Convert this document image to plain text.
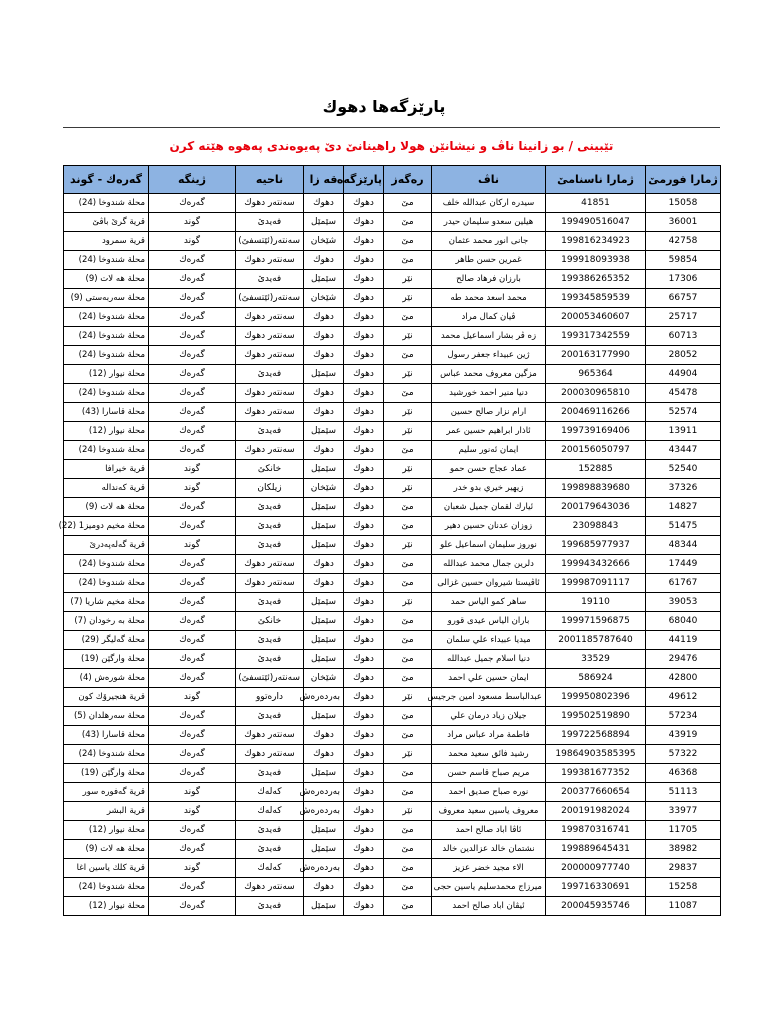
پارێزگەها دهوك
تێبینی / بو زانینا ناڤ و نیشانێن هولا راهینانێ دێ پەیوەندی پەهوە هێتە کرن
ژمارا فورمێ	ژمارا ناسنامێ	ناڤ	رەگەز	پارێزگەه	قه زا	ناحیه	ژینگە	گەرەك - گوند
15058	41851	سیدره ارکان عبدالله خلف	مێ	دهوك	دهوك	سەنتەر دهوك	گەرەك	محلة شندوخا (24)
36001	199490516047	هیلین سعدو سلیمان حیدر	مێ	دهوك	سێمێل	فەیدێ	گوند	قرية گرێ باڤێ
42758	199816234923	جانی انور محمد عثمان	مێ	دهوك	شێخان	سەنتەر(ئێتسفێ)	گوند	قرية سمرود
59854	199918093938	غمرین حسن طاهر	مێ	دهوك	دهوك	سەنتەر دهوك	گەرەك	محلة شندوخا (24)
17306	199386265352	بارزان فرهاد صالح	نێر	دهوك	سێمێل	فەیدێ	گەرەك	محلة هه لات (9)
66757	199345859539	محمد اسعد محمد طه	نێر	دهوك	شێخان	سەنتەر(ئێتسفێ)	گەرەك	محلة سەربەستی (9)
25717	200053460607	ڤیان کمال مراد	مێ	دهوك	دهوك	سەنتەر دهوك	گەرەك	محلة شندوخا (24)
60713	199317342559	زه ڤر بشار اسماعیل محمد	نێر	دهوك	دهوك	سەنتەر دهوك	گەرەك	محلة شندوخا (24)
28052	200163177990	ژین عبیداء جعفر رسول	مێ	دهوك	دهوك	سەنتەر دهوك	گەرەك	محلة شندوخا (24)
44904	965364	مزگین معروف محمد عباس	نێر	دهوك	سێمێل	فەیدێ	گەرەك	محلة نیوار (12)
45478	200030965810	دنیا منیر احمد خورشید	مێ	دهوك	دهوك	سەنتەر دهوك	گەرەك	محلة شندوخا (24)
52574	200469116266	ارام نزار صالح حسین	نێر	دهوك	دهوك	سەنتەر دهوك	گەرەك	محلة قاسارا (43)
13911	199739169406	ئاذار ابراهیم حسین عمر	نێر	دهوك	سێمێل	فەیدێ	گەرەك	محلة نیوار (12)
43447	200156050797	ایمان ئەنور سلیم	مێ	دهوك	دهوك	سەنتەر دهوك	گەرەك	محلة شندوخا (24)
52540	152885	عماد عجاج حسن حمو	نێر	دهوك	سێمێل	خانكێ	گوند	قرية خیرافا
37326	199898839680	زیهیر خیري بدو خدر	نێر	دهوك	شێخان	زیلكان	گوند	قرية كەندالە
14827	200179643036	ئیارك لقمان جمیل شعبان	مێ	دهوك	سێمێل	فەیدێ	گەرەك	محلة هه لات (9)
51475	23098843	زوزان عدنان حسین دهیر	مێ	دهوك	سێمێل	فەیدێ	گەرەك	محلة مخیم دومیز1 (22)
48344	199685977937	نوروز سلیمان اسماعیل علو	نێر	دهوك	سێمێل	فەیدێ	گوند	قرية گەلەپەدرێ
17449	199943432666	دلرین جمال محمد عبدالله	مێ	دهوك	دهوك	سەنتەر دهوك	گەرەك	محلة شندوخا (24)
61767	199987091117	ئاڤیستا شیروان حسین غزالی	مێ	دهوك	دهوك	سەنتەر دهوك	گەرەك	محلة شندوخا (24)
39053	19110	ساهر کمو الیاس حمد	نێر	دهوك	سێمێل	فەیدێ	گەرەك	محلة مخیم شاریا (7)
68040	199971596875	باران الیاس عیدی قورو	مێ	دهوك	سێمێل	خانكێ	گەرەك	محلة بە رخودان (7)
44119	2001185787640	میدیا عبیداء علي سلمان	مێ	دهوك	سێمێل	فەیدێ	گەرەك	محلة گەلیگر (29)
29476	33529	دنیا اسلام جمیل عبدالله	مێ	دهوك	سێمێل	فەیدێ	گەرەك	محلة وارگێن (19)
42800	586924	ایمان حسین علي احمد	مێ	دهوك	شێخان	سەنتەر(ئێتسفێ)	گەرەك	محلة شورەش (4)
49612	199950802396	عبدالباسط مسعود امین جرجیس	نێر	دهوك	بەردەرەش	دارەتوو	گوند	قرية هنجیرۆك كون
57234	199502519890	جیلان زیاد درمان علي	مێ	دهوك	سێمێل	فەیدێ	گەرەك	محلة سەرهلدان (5)
43919	199722568894	فاطمة مراد عباس مراد	مێ	دهوك	دهوك	سەنتەر دهوك	گەرەك	محلة قاسارا (43)
57322	19864903585395	رشید فائق سعید محمد	نێر	دهوك	دهوك	سەنتەر دهوك	گەرەك	محلة شندوخا (24)
46368	199381677352	مریم صباح قاسم حسن	مێ	دهوك	سێمێل	فەیدێ	گەرەك	محلة وارگێن (19)
51113	200377660654	نورە صباح صدیق احمد	مێ	دهوك	بەردەرەش	كەلەك	گوند	قرية گەفورە سور
33977	200191982024	معروف یاسین سعید معروف	نێر	دهوك	بەردەرەش	كەلەك	گوند	قرية البشر
11705	199870316741	ئاڤا اباد صالح احمد	مێ	دهوك	سێمێل	فەیدێ	گەرەك	محلة نیوار (12)
38982	199889645431	نشتمان خالد عزالدین خالد	مێ	دهوك	سێمێل	فەیدێ	گەرەك	محلة هه لات (9)
29837	200000977740	الاء مجید خضر عزیز	مێ	دهوك	بەردەرەش	كەلەك	گوند	قرية كلك یاسین اغا
15258	199716330691	میرزاج محمدسلیم یاسین حجی	مێ	دهوك	دهوك	سەنتەر دهوك	گەرەك	محلة شندوخا (24)
11087	200045935746	ئیڤان اباد صالح احمد	مێ	دهوك	سێمێل	فەیدێ	گەرەك	محلة نیوار (12)
